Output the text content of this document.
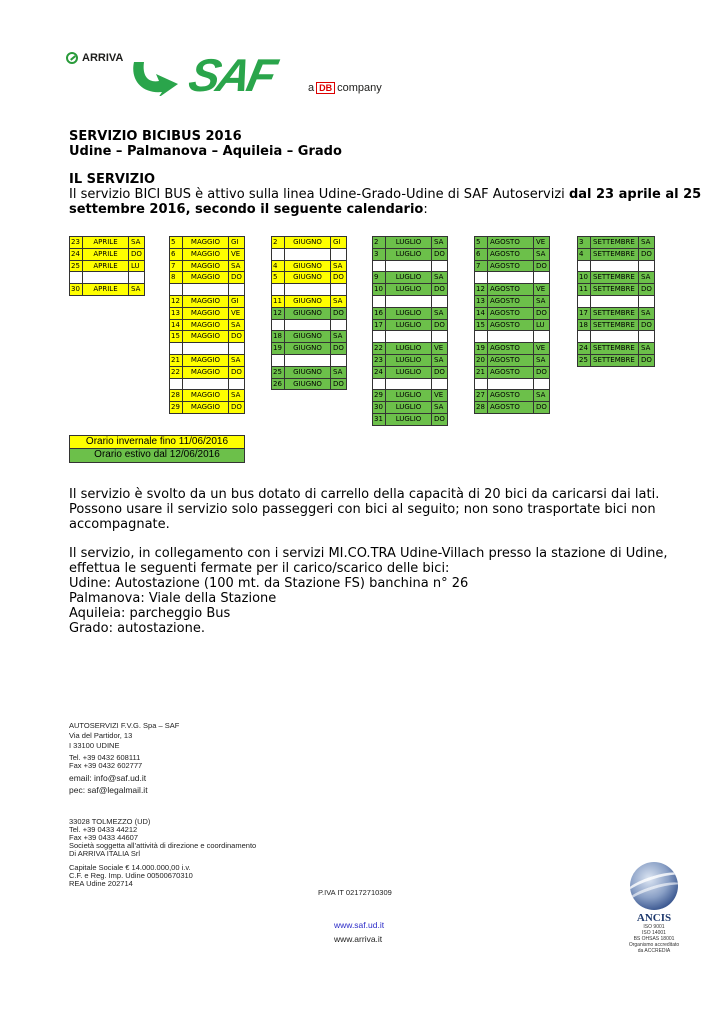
ARRIVA SAF	a DB company
SERVIZIO BICIBUS 2016
Udine – Palmanova – Aquileia – Grado
IL SERVIZIO
Il servizio BICI BUS è attivo sulla linea Udine-Grado-Udine di SAF Autoservizi dal 23 aprile al 25
settembre 2016, secondo il seguente calendario:
23	APRILE	SA
24	APRILE	DO
25	APRILE	LU
30	APRILE	SA
5	MAGGIO	GI
6	MAGGIO	VE
7	MAGGIO	SA
8	MAGGIO	DO
12	MAGGIO	GI
13	MAGGIO	VE
14	MAGGIO	SA
15	MAGGIO	DO
21	MAGGIO	SA
22	MAGGIO	DO
28	MAGGIO	SA
29	MAGGIO	DO
2	GIUGNO	GI
4	GIUGNO	SA
5	GIUGNO	DO
11	GIUGNO	SA
12	GIUGNO	DO
18	GIUGNO	SA
19	GIUGNO	DO
25	GIUGNO	SA
26	GIUGNO	DO
2	LUGLIO	SA
3	LUGLIO	DO
9	LUGLIO	SA
10	LUGLIO	DO
16	LUGLIO	SA
17	LUGLIO	DO
22	LUGLIO	VE
23	LUGLIO	SA
24	LUGLIO	DO
29	LUGLIO	VE
30	LUGLIO	SA
31	LUGLIO	DO
5	AGOSTO	VE
6	AGOSTO	SA
7	AGOSTO	DO
12 AGOSTO	VE
13 AGOSTO	SA
14 AGOSTO	DO
15 AGOSTO	LU
19 AGOSTO	VE
20 AGOSTO	SA
21 AGOSTO	DO
27 AGOSTO	SA
28 AGOSTO	DO
3	SETTEMBRE SA
4	SETTEMBRE DO
10 SETTEMBRE SA
11 SETTEMBRE DO
17 SETTEMBRE SA
18 SETTEMBRE DO
24 SETTEMBRE SA
25 SETTEMBRE DO
Orario invernale fino 11/06/2016
Orario estivo dal 12/06/2016
Il servizio è svolto da un bus dotato di carrello della capacità di 20 bici da caricarsi dai lati.
Possono usare il servizio solo passeggeri con bici al seguito; non sono trasportate bici non
accompagnate.
Il servizio, in collegamento con i servizi MI.CO.TRA Udine-Villach presso la stazione di Udine,
effettua le seguenti fermate per il carico/scarico delle bici:
Udine: Autostazione (100 mt. da Stazione FS) banchina n° 26
Palmanova: Viale della Stazione
Aquileia: parcheggio Bus
Grado: autostazione.
AUTOSERVIZI F.V.G. Spa – SAF
Via del Partidor, 13
I 33100 UDINE
Tel. +39 0432 608111
Fax +39 0432 602777
email: info@saf.ud.it
pec: saf@legalmail.it
33028 TOLMEZZO (UD)
Tel. +39 0433 44212
Fax +39 0433 44607
Società soggetta all’attività di direzione e coordinamento
Di ARRIVA ITALIA Srl
Capitale Sociale € 14.000.000,00 i.v.
C.F. e Reg. Imp. Udine 00500670310
REA Udine 202714
P.IVA IT 02172710309
www.saf.ud.it
www.arriva.it
ANCIS
ISO 9001
ISO 14001
BS OHSAS 18001
Organismo accreditato
da ACCREDIA
